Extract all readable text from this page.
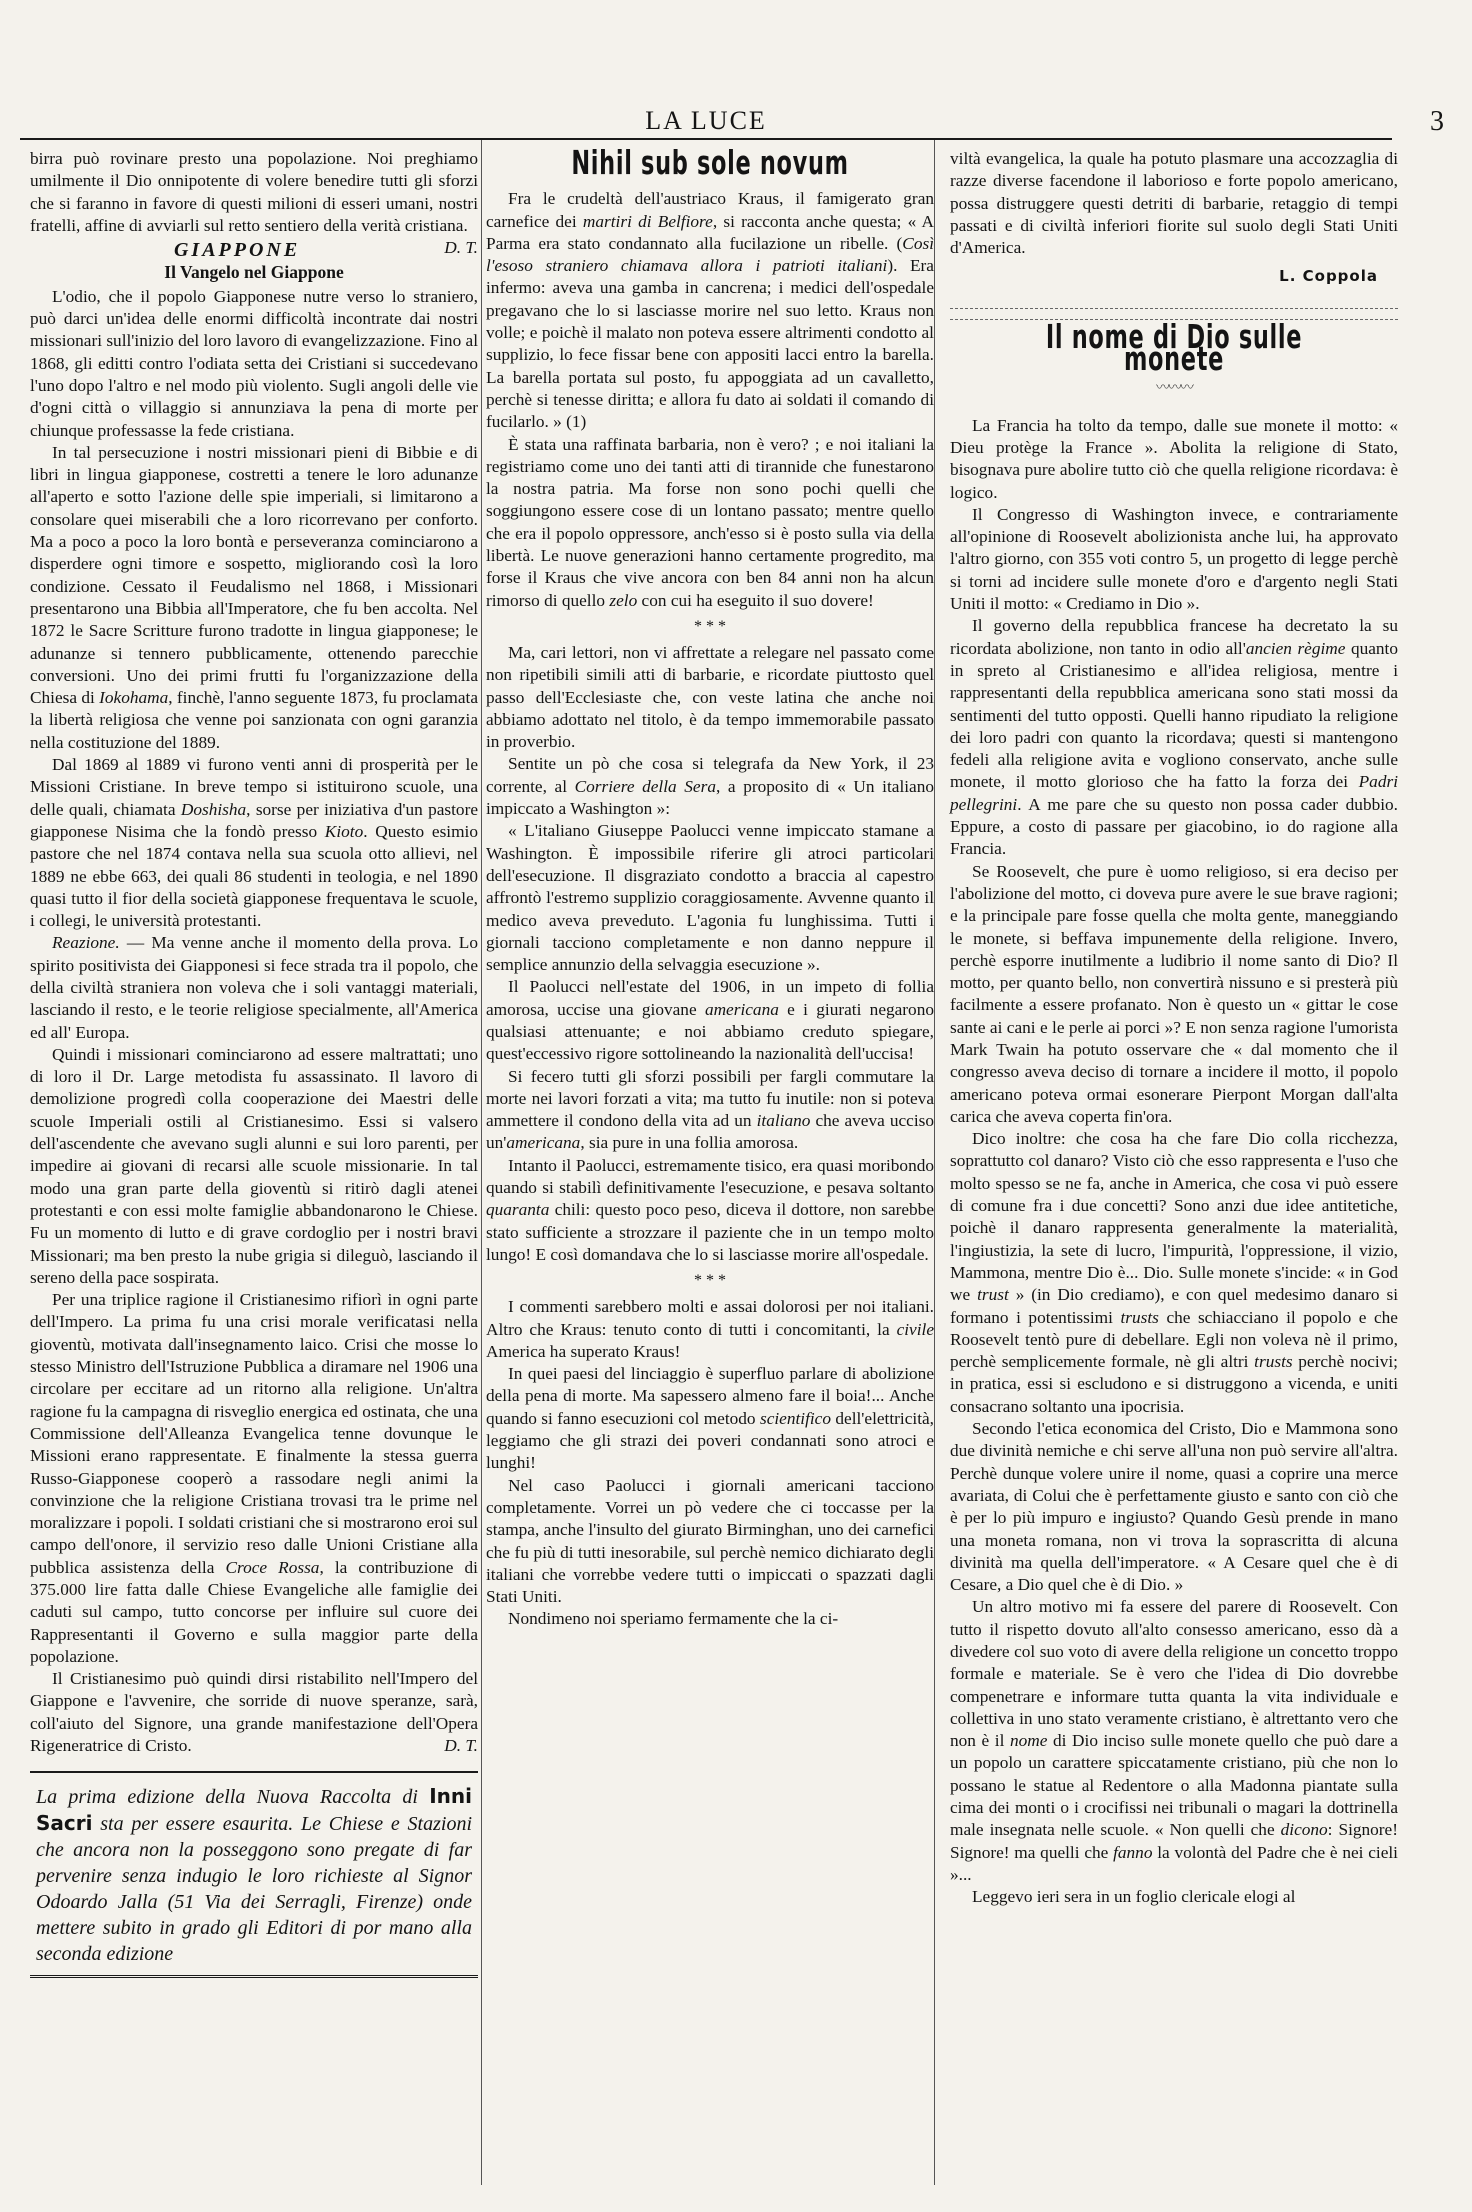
LA LUCE	3

birra può rovinare presto una popolazione. Noi preghiamo umilmente il Dio onnipotente di volere benedire tutti gli sforzi che si faranno in favore di questi milioni di esseri umani, nostri fratelli, affine di avviarli sul retto sentiero della verità cristiana.
D. T.

GIAPPONE
Il Vangelo nel Giappone

L'odio, che il popolo Giapponese nutre verso lo straniero, può darci un'idea delle enormi difficoltà incontrate dai nostri missionari sull'inizio del loro lavoro di evangelizzazione. Fino al 1868, gli editti contro l'odiata setta dei Cristiani si succedevano l'uno dopo l'altro e nel modo più violento. Sugli angoli delle vie d'ogni città o villaggio si annunziava la pena di morte per chiunque professasse la fede cristiana.

In tal persecuzione i nostri missionari pieni di Bibbie e di libri in lingua giapponese, costretti a tenere le loro adunanze all'aperto e sotto l'azione delle spie imperiali, si limitarono a consolare quei miserabili che a loro ricorrevano per conforto. Ma a poco a poco la loro bontà e perseveranza cominciarono a disperdere ogni timore e sospetto, migliorando così la loro condizione. Cessato il Feudalismo nel 1868, i Missionari presentarono una Bibbia all'Imperatore, che fu ben accolta. Nel 1872 le Sacre Scritture furono tradotte in lingua giapponese; le adunanze si tennero pubblicamente, ottenendo parecchie conversioni. Uno dei primi frutti fu l'organizzazione della Chiesa di Iokohama, finchè, l'anno seguente 1873, fu proclamata la libertà religiosa che venne poi sanzionata con ogni garanzia nella costituzione del 1889.

Dal 1869 al 1889 vi furono venti anni di prosperità per le Missioni Cristiane. In breve tempo si istituirono scuole, una delle quali, chiamata Doshisha, sorse per iniziativa d'un pastore giapponese Nisima che la fondò presso Kioto. Questo esimio pastore che nel 1874 contava nella sua scuola otto allievi, nel 1889 ne ebbe 663, dei quali 86 studenti in teologia, e nel 1890 quasi tutto il fior della società giapponese frequentava le scuole, i collegi, le università protestanti.

Reazione. — Ma venne anche il momento della prova. Lo spirito positivista dei Giapponesi si fece strada tra il popolo, che della civiltà straniera non voleva che i soli vantaggi materiali, lasciando il resto, e le teorie religiose specialmente, all'America ed all' Europa.

Quindi i missionari cominciarono ad essere maltrattati; uno di loro il Dr. Large metodista fu assassinato. Il lavoro di demolizione progredì colla cooperazione dei Maestri delle scuole Imperiali ostili al Cristianesimo. Essi si valsero dell'ascendente che avevano sugli alunni e sui loro parenti, per impedire ai giovani di recarsi alle scuole missionarie. In tal modo una gran parte della gioventù si ritirò dagli atenei protestanti e con essi molte famiglie abbandonarono le Chiese. Fu un momento di lutto e di grave cordoglio per i nostri bravi Missionari; ma ben presto la nube grigia si dileguò, lasciando il sereno della pace sospirata.

Per una triplice ragione il Cristianesimo rifiorì in ogni parte dell'Impero. La prima fu una crisi morale verificatasi nella gioventù, motivata dall'insegnamento laico. Crisi che mosse lo stesso Ministro dell'Istruzione Pubblica a diramare nel 1906 una circolare per eccitare ad un ritorno alla religione. Un'altra ragione fu la campagna di risveglio energica ed ostinata, che una Commissione dell'Alleanza Evangelica tenne dovunque le Missioni erano rappresentate. E finalmente la stessa guerra Russo-Giapponese cooperò a rassodare negli animi la convinzione che la religione Cristiana trovasi tra le prime nel moralizzare i popoli. I soldati cristiani che si mostrarono eroi sul campo dell'onore, il servizio reso dalle Unioni Cristiane alla pubblica assistenza della Croce Rossa, la contribuzione di 375.000 lire fatta dalle Chiese Evangeliche alle famiglie dei caduti sul campo, tutto concorse per influire sul cuore dei Rappresentanti il Governo e sulla maggior parte della popolazione.

Il Cristianesimo può quindi dirsi ristabilito nell'Impero del Giappone e l'avvenire, che sorride di nuove speranze, sarà, coll'aiuto del Signore, una grande manifestazione dell'Opera Rigeneratrice di Cristo.	D. T.

La prima edizione della Nuova Raccolta di Inni Sacri sta per essere esaurita. Le Chiese e Stazioni che ancora non la posseggono sono pregate di far pervenire senza indugio le loro richieste al Signor Odoardo Jalla (51 Via dei Serragli, Firenze) onde mettere subito in grado gli Editori di por mano alla seconda edizione
Nihil sub sole novum

Fra le crudeltà dell'austriaco Kraus, il famigerato gran carnefice dei martiri di Belfiore, si racconta anche questa; « A Parma era stato condannato alla fucilazione un ribelle. (Così l'esoso straniero chiamava allora i patrioti italiani). Era infermo: aveva una gamba in cancrena; i medici dell'ospedale pregavano che lo si lasciasse morire nel suo letto. Kraus non volle; e poichè il malato non poteva essere altrimenti condotto al supplizio, lo fece fissar bene con appositi lacci entro la barella. La barella portata sul posto, fu appoggiata ad un cavalletto, perchè si tenesse diritta; e allora fu dato ai soldati il comando di fucilarlo. » (1)

È stata una raffinata barbaria, non è vero? ; e noi italiani la registriamo come uno dei tanti atti di tirannide che funestarono la nostra patria. Ma forse non sono pochi quelli che soggiungono essere cose di un lontano passato; mentre quello che era il popolo oppressore, anch'esso si è posto sulla via della libertà. Le nuove generazioni hanno certamente progredito, ma forse il Kraus che vive ancora con ben 84 anni non ha alcun rimorso di quello zelo con cui ha eseguito il suo dovere!

* * *

Ma, cari lettori, non vi affrettate a relegare nel passato come non ripetibili simili atti di barbarie, e ricordate piuttosto quel passo dell'Ecclesiaste che, con veste latina che anche noi abbiamo adottato nel titolo, è da tempo immemorabile passato in proverbio.

Sentite un pò che cosa si telegrafa da New York, il 23 corrente, al Corriere della Sera, a proposito di « Un italiano impiccato a Washington »:

« L'italiano Giuseppe Paolucci venne impiccato stamane a Washington. È impossibile riferire gli atroci particolari dell'esecuzione. Il disgraziato condotto a braccia al capestro affrontò l'estremo supplizio coraggiosamente. Avvenne quanto il medico aveva preveduto. L'agonia fu lunghissima. Tutti i giornali tacciono completamente e non danno neppure il semplice annunzio della selvaggia esecuzione ».

Il Paolucci nell'estate del 1906, in un impeto di follia amorosa, uccise una giovane americana e i giurati negarono qualsiasi attenuante; e noi abbiamo creduto spiegare, quest'eccessivo rigore sottolineando la nazionalità dell'uccisa!

Si fecero tutti gli sforzi possibili per fargli commutare la morte nei lavori forzati a vita; ma tutto fu inutile: non si poteva ammettere il condono della vita ad un italiano che aveva ucciso un'americana, sia pure in una follia amorosa.

Intanto il Paolucci, estremamente tisico, era quasi moribondo quando si stabilì definitivamente l'esecuzione, e pesava soltanto quaranta chili: questo poco peso, diceva il dottore, non sarebbe stato sufficiente a strozzare il paziente che in un tempo molto lungo! E così domandava che lo si lasciasse morire all'ospedale.

* * *

I commenti sarebbero molti e assai dolorosi per noi italiani. Altro che Kraus: tenuto conto di tutti i concomitanti, la civile America ha superato Kraus!

In quei paesi del linciaggio è superfluo parlare di abolizione della pena di morte. Ma sapessero almeno fare il boia!... Anche quando si fanno esecuzioni col metodo scientifico dell'elettricità, leggiamo che gli strazi dei poveri condannati sono atroci e lunghi!

Nel caso Paolucci i giornali americani tacciono completamente. Vorrei un pò vedere che ci toccasse per la stampa, anche l'insulto del giurato Birminghan, uno dei carnefici che fu più di tutti inesorabile, sul perchè nemico dichiarato degli italiani che vorrebbe vedere tutti o impiccati o spazzati dagli Stati Uniti.

Nondimeno noi speriamo fermamente che la ci-

viltà evangelica, la quale ha potuto plasmare una accozzaglia di razze diverse facendone il laborioso e forte popolo americano, possa distruggere questi detriti di barbarie, retaggio di tempi passati e di civiltà inferiori fiorite sul suolo degli Stati Uniti d'America.

L. Coppola
Il nome di Dio sulle monete
〰〰〰

La Francia ha tolto da tempo, dalle sue monete il motto: « Dieu protège la France ». Abolita la religione di Stato, bisognava pure abolire tutto ciò che quella religione ricordava: è logico.

Il Congresso di Washington invece, e contrariamente all'opinione di Roosevelt abolizionista anche lui, ha approvato l'altro giorno, con 355 voti contro 5, un progetto di legge perchè si torni ad incidere sulle monete d'oro e d'argento negli Stati Uniti il motto: « Crediamo in Dio ».

Il governo della repubblica francese ha decretato la su ricordata abolizione, non tanto in odio all'ancien règime quanto in spreto al Cristianesimo e all'idea religiosa, mentre i rappresentanti della repubblica americana sono stati mossi da sentimenti del tutto opposti. Quelli hanno ripudiato la religione dei loro padri con quanto la ricordava; questi si mantengono fedeli alla religione avita e vogliono conservato, anche sulle monete, il motto glorioso che ha fatto la forza dei Padri pellegrini. A me pare che su questo non possa cader dubbio. Eppure, a costo di passare per giacobino, io do ragione alla Francia.

Se Roosevelt, che pure è uomo religioso, si era deciso per l'abolizione del motto, ci doveva pure avere le sue brave ragioni; e la principale pare fosse quella che molta gente, maneggiando le monete, si beffava impunemente della religione. Invero, perchè esporre inutilmente a ludibrio il nome santo di Dio? Il motto, per quanto bello, non convertirà nissuno e si presterà più facilmente a essere profanato. Non è questo un « gittar le cose sante ai cani e le perle ai porci »? E non senza ragione l'umorista Mark Twain ha potuto osservare che « dal momento che il congresso aveva deciso di tornare a incidere il motto, il popolo americano poteva ormai esonerare Pierpont Morgan dall'alta carica che aveva coperta fin'ora.

Dico inoltre: che cosa ha che fare Dio colla ricchezza, soprattutto col danaro? Visto ciò che esso rappresenta e l'uso che molto spesso se ne fa, anche in America, che cosa vi può essere di comune fra i due concetti? Sono anzi due idee antitetiche, poichè il danaro rappresenta generalmente la materialità, l'ingiustizia, la sete di lucro, l'impurità, l'oppressione, il vizio, Mammona, mentre Dio è... Dio. Sulle monete s'incide: « in God we trust » (in Dio crediamo), e con quel medesimo danaro si formano i potentissimi trusts che schiacciano il popolo e che Roosevelt tentò pure di debellare. Egli non voleva nè il primo, perchè semplicemente formale, nè gli altri trusts perchè nocivi; in pratica, essi si escludono e si distruggono a vicenda, e uniti consacrano soltanto una ipocrisia.

Secondo l'etica economica del Cristo, Dio e Mammona sono due divinità nemiche e chi serve all'una non può servire all'altra. Perchè dunque volere unire il nome, quasi a coprire una merce avariata, di Colui che è perfettamente giusto e santo con ciò che è per lo più impuro e ingiusto? Quando Gesù prende in mano una moneta romana, non vi trova la soprascritta di alcuna divinità ma quella dell'imperatore. « A Cesare quel che è di Cesare, a Dio quel che è di Dio. »

Un altro motivo mi fa essere del parere di Roosevelt. Con tutto il rispetto dovuto all'alto consesso americano, esso dà a divedere col suo voto di avere della religione un concetto troppo formale e materiale. Se è vero che l'idea di Dio dovrebbe compenetrare e informare tutta quanta la vita individuale e collettiva in uno stato veramente cristiano, è altrettanto vero che non è il nome di Dio inciso sulle monete quello che può dare a un popolo un carattere spiccatamente cristiano, più che non lo possano le statue al Redentore o alla Madonna piantate sulla cima dei monti o i crocifissi nei tribunali o magari la dottrinella male insegnata nelle scuole. « Non quelli che dicono: Signore! Signore! ma quelli che fanno la volontà del Padre che è nei cieli »...

Leggevo ieri sera in un foglio clericale elogi al
